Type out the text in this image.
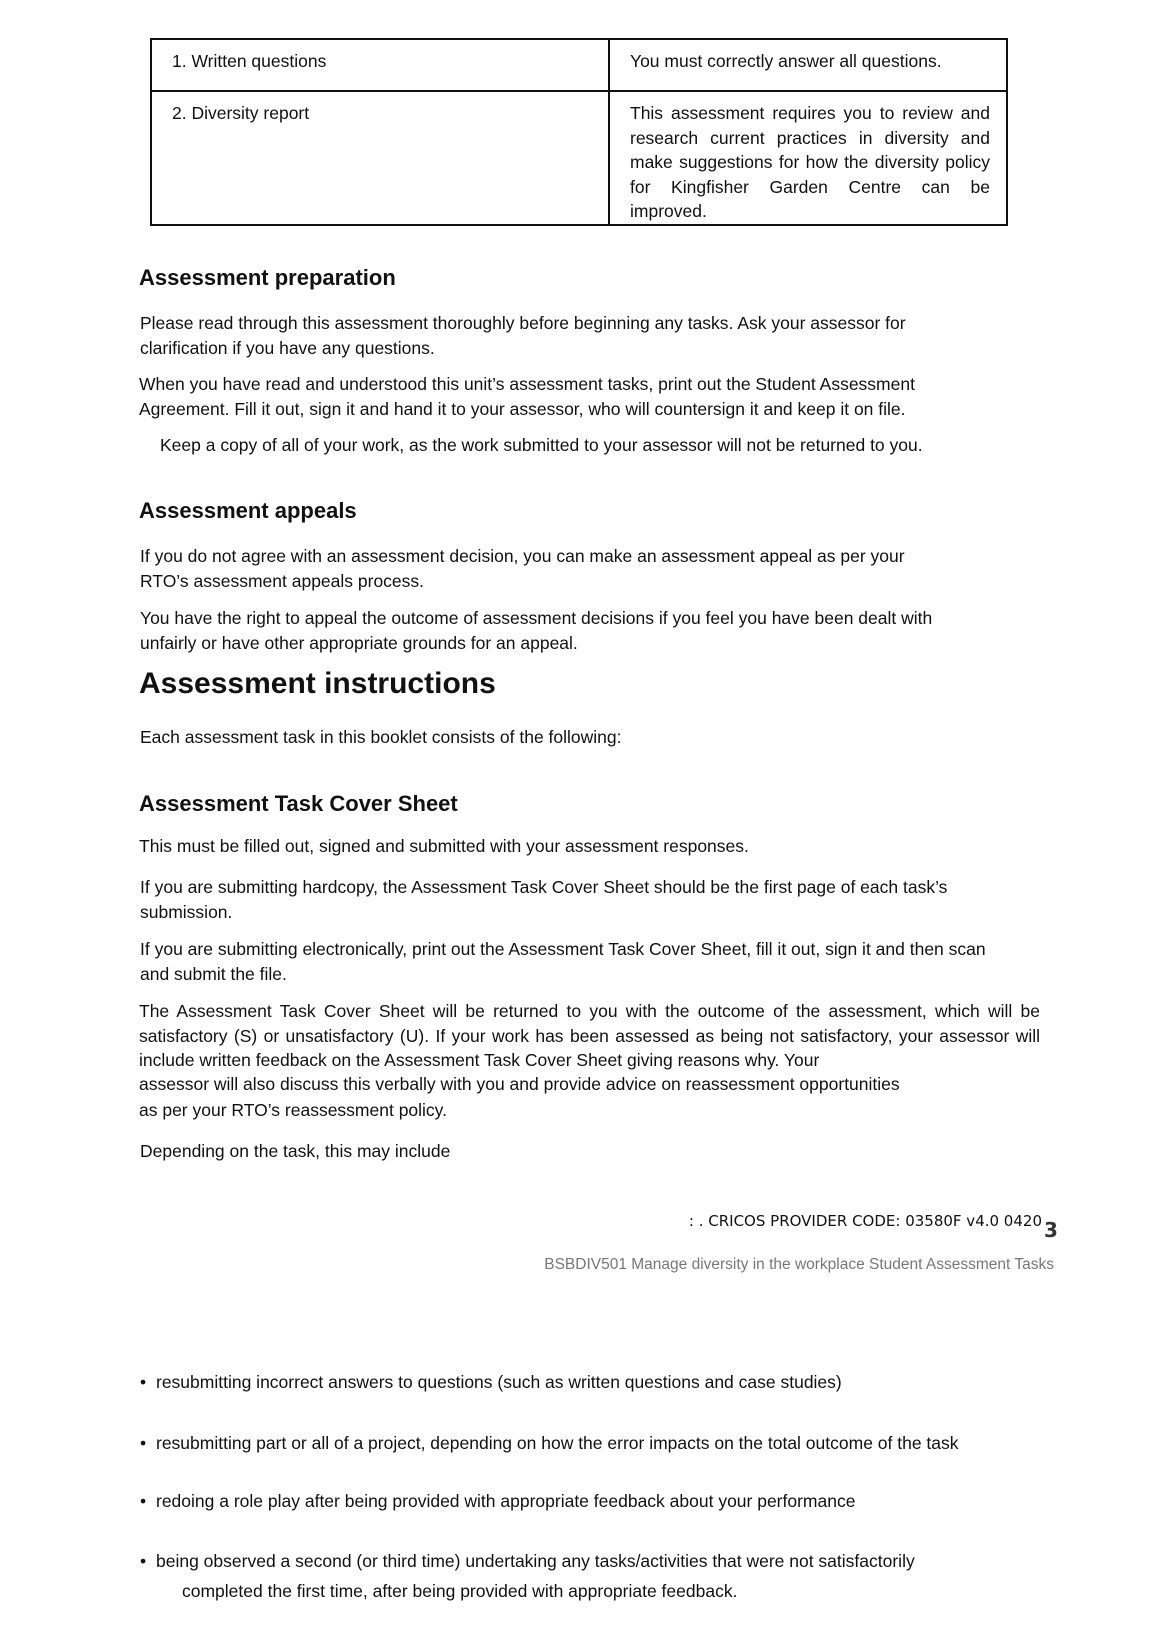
1. Written questions	You must correctly answer all questions.
2. Diversity report	This assessment requires you to review and research current practices in diversity and make suggestions for how the diversity policy for Kingfisher Garden Centre can be improved.
Assessment preparation

Please read through this assessment thoroughly before beginning any tasks. Ask your assessor for clarification if you have any questions.

When you have read and understood this unit’s assessment tasks, print out the Student Assessment Agreement. Fill it out, sign it and hand it to your assessor, who will countersign it and keep it on file.

Keep a copy of all of your work, as the work submitted to your assessor will not be returned to you.

Assessment appeals

If you do not agree with an assessment decision, you can make an assessment appeal as per your RTO’s assessment appeals process.

You have the right to appeal the outcome of assessment decisions if you feel you have been dealt with unfairly or have other appropriate grounds for an appeal.

Assessment instructions

Each assessment task in this booklet consists of the following:

Assessment Task Cover Sheet

This must be filled out, signed and submitted with your assessment responses.

If you are submitting hardcopy, the Assessment Task Cover Sheet should be the first page of each task’s submission.

If you are submitting electronically, print out the Assessment Task Cover Sheet, fill it out, sign it and then scan and submit the file.

The Assessment Task Cover Sheet will be returned to you with the outcome of the assessment, which will be satisfactory (S) or unsatisfactory (U). If your work has been assessed as being not satisfactory, your assessor will include written feedback on the Assessment Task Cover Sheet giving reasons why. Your

assessor will also discuss this verbally with you and provide advice on reassessment opportunities

as per your RTO’s reassessment policy.

Depending on the task, this may include

: . CRICOS PROVIDER CODE: 03580F v4.0 0420 3
BSBDIV501 Manage diversity in the workplace Student Assessment Tasks
• resubmitting incorrect answers to questions (such as written questions and case studies)
• resubmitting part or all of a project, depending on how the error impacts on the total outcome of the task
• redoing a role play after being provided with appropriate feedback about your performance
• being observed a second (or third time) undertaking any tasks/activities that were not satisfactorily
completed the first time, after being provided with appropriate feedback.
